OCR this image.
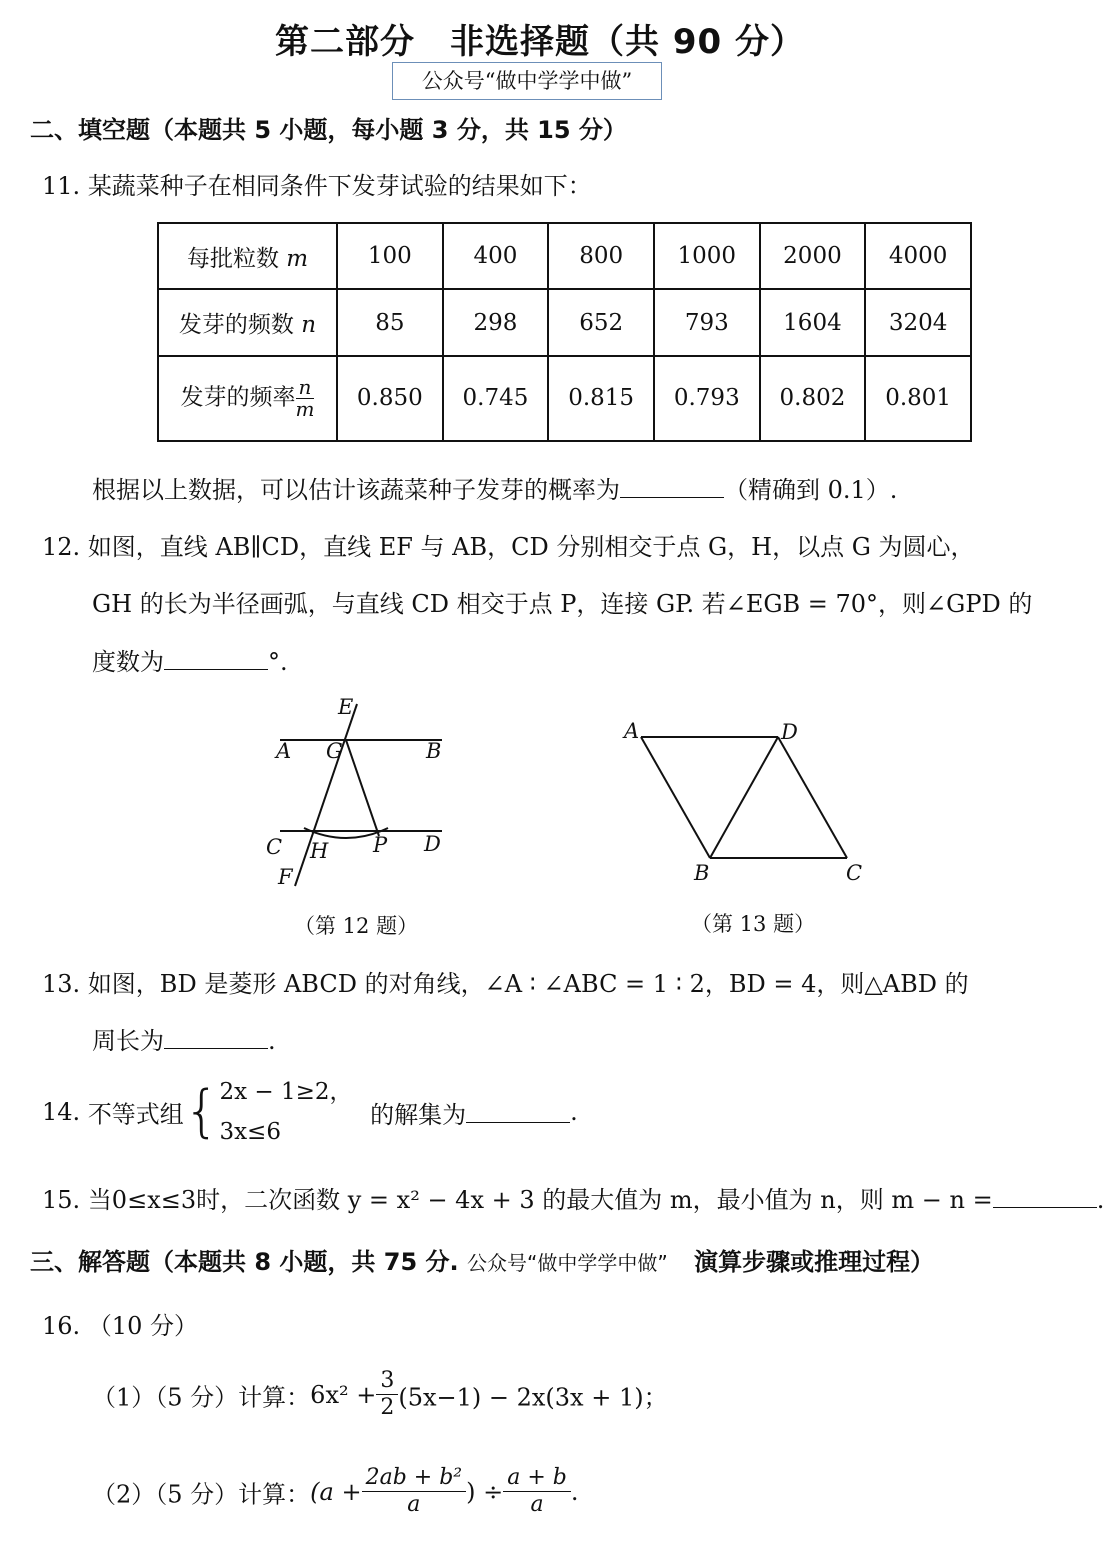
第二部分　非选择题（共 90 分）
公众号“做中学学中做”
二、填空题（本题共 5 小题，每小题 3 分，共 15 分）
11. 某蔬菜种子在相同条件下发芽试验的结果如下：
每批粒数 m	100	400	800	1000	2000	4000
发芽的频数 n	85	298	652	793	1604	3204
发芽的频率 $\frac{n}{m}$	0.850	0.745	0.815	0.793	0.802	0.801
根据以上数据，可以估计该蔬菜种子发芽的概率为	（精确到 0.1）.
12. 如图，直线 AB∥CD，直线 EF 与 AB，CD 分别相交于点 G，H，以点 G 为圆心，
GH 的长为半径画弧，与直线 CD 相交于点 P，连接 GP. 若∠EGB = 70°，则∠GPD 的
度数为	°.
E
A G	B
C H P D
F
（第 12 题）
A	D
B	C
（第 13 题）
13. 如图，BD 是菱形 ABCD 的对角线，∠A ∶ ∠ABC = 1 ∶ 2，BD = 4，则△ABD 的
周长为	.
14. 不等式组{ 2x − 1≥2，
3x≤6
的解集为	.
15. 当0≤x≤3时，二次函数 y = x² − 4x + 3 的最大值为 m，最小值为 n，则 m − n =	.
三、解答题（本题共 8 小题，共 75 分. 公众号“做中学学中做” 演算步骤或推理过程）
16. （10 分）
（1）（5 分）计算：$6x^2 + \frac{3}{2} (5x-1) - 2x(3x + 1)$；
（2）（5 分）计算：($a + \frac{\text{2ab + b²}}{a}$ ) ÷ $\frac{a + b}{a}$ .
